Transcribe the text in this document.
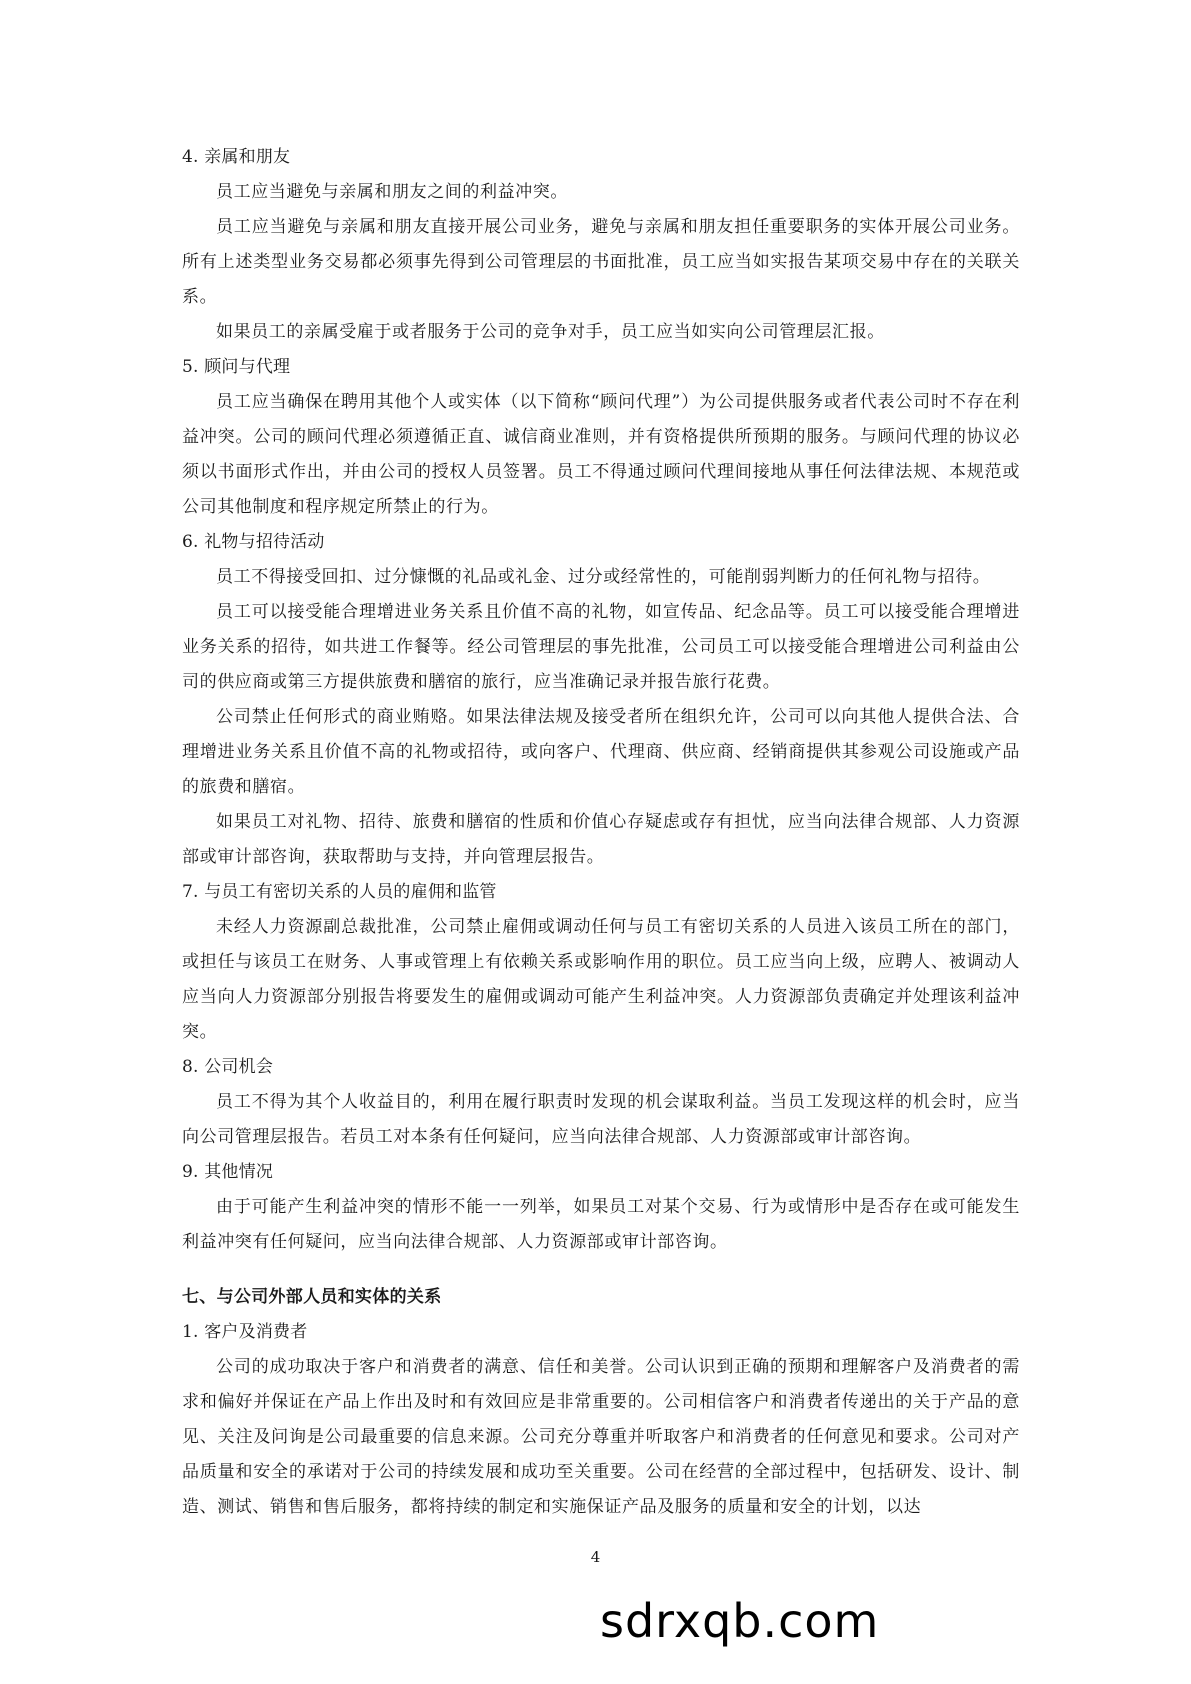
4. 亲属和朋友

员工应当避免与亲属和朋友之间的利益冲突。

员工应当避免与亲属和朋友直接开展公司业务，避免与亲属和朋友担任重要职务的实体开展公司业务。所有上述类型业务交易都必须事先得到公司管理层的书面批准，员工应当如实报告某项交易中存在的关联关系。

如果员工的亲属受雇于或者服务于公司的竞争对手，员工应当如实向公司管理层汇报。

5. 顾问与代理

员工应当确保在聘用其他个人或实体（以下简称“顾问代理”）为公司提供服务或者代表公司时不存在利益冲突。公司的顾问代理必须遵循正直、诚信商业准则，并有资格提供所预期的服务。与顾问代理的协议必须以书面形式作出，并由公司的授权人员签署。员工不得通过顾问代理间接地从事任何法律法规、本规范或公司其他制度和程序规定所禁止的行为。

6. 礼物与招待活动

员工不得接受回扣、过分慷慨的礼品或礼金、过分或经常性的，可能削弱判断力的任何礼物与招待。

员工可以接受能合理增进业务关系且价值不高的礼物，如宣传品、纪念品等。员工可以接受能合理增进业务关系的招待，如共进工作餐等。经公司管理层的事先批准，公司员工可以接受能合理增进公司利益由公司的供应商或第三方提供旅费和膳宿的旅行，应当准确记录并报告旅行花费。

公司禁止任何形式的商业贿赂。如果法律法规及接受者所在组织允许，公司可以向其他人提供合法、合理增进业务关系且价值不高的礼物或招待，或向客户、代理商、供应商、经销商提供其参观公司设施或产品的旅费和膳宿。

如果员工对礼物、招待、旅费和膳宿的性质和价值心存疑虑或存有担忧，应当向法律合规部、人力资源部或审计部咨询，获取帮助与支持，并向管理层报告。

7. 与员工有密切关系的人员的雇佣和监管

未经人力资源副总裁批准，公司禁止雇佣或调动任何与员工有密切关系的人员进入该员工所在的部门，或担任与该员工在财务、人事或管理上有依赖关系或影响作用的职位。员工应当向上级，应聘人、被调动人应当向人力资源部分别报告将要发生的雇佣或调动可能产生利益冲突。人力资源部负责确定并处理该利益冲突。

8. 公司机会

员工不得为其个人收益目的，利用在履行职责时发现的机会谋取利益。当员工发现这样的机会时，应当向公司管理层报告。若员工对本条有任何疑问，应当向法律合规部、人力资源部或审计部咨询。

9. 其他情况

由于可能产生利益冲突的情形不能一一列举，如果员工对某个交易、行为或情形中是否存在或可能发生利益冲突有任何疑问，应当向法律合规部、人力资源部或审计部咨询。

七、与公司外部人员和实体的关系

1. 客户及消费者

公司的成功取决于客户和消费者的满意、信任和美誉。公司认识到正确的预期和理解客户及消费者的需求和偏好并保证在产品上作出及时和有效回应是非常重要的。公司相信客户和消费者传递出的关于产品的意见、关注及问询是公司最重要的信息来源。公司充分尊重并听取客户和消费者的任何意见和要求。公司对产品质量和安全的承诺对于公司的持续发展和成功至关重要。公司在经营的全部过程中，包括研发、设计、制造、测试、销售和售后服务，都将持续的制定和实施保证产品及服务的质量和安全的计划，以达

4
sdrxqb.com
